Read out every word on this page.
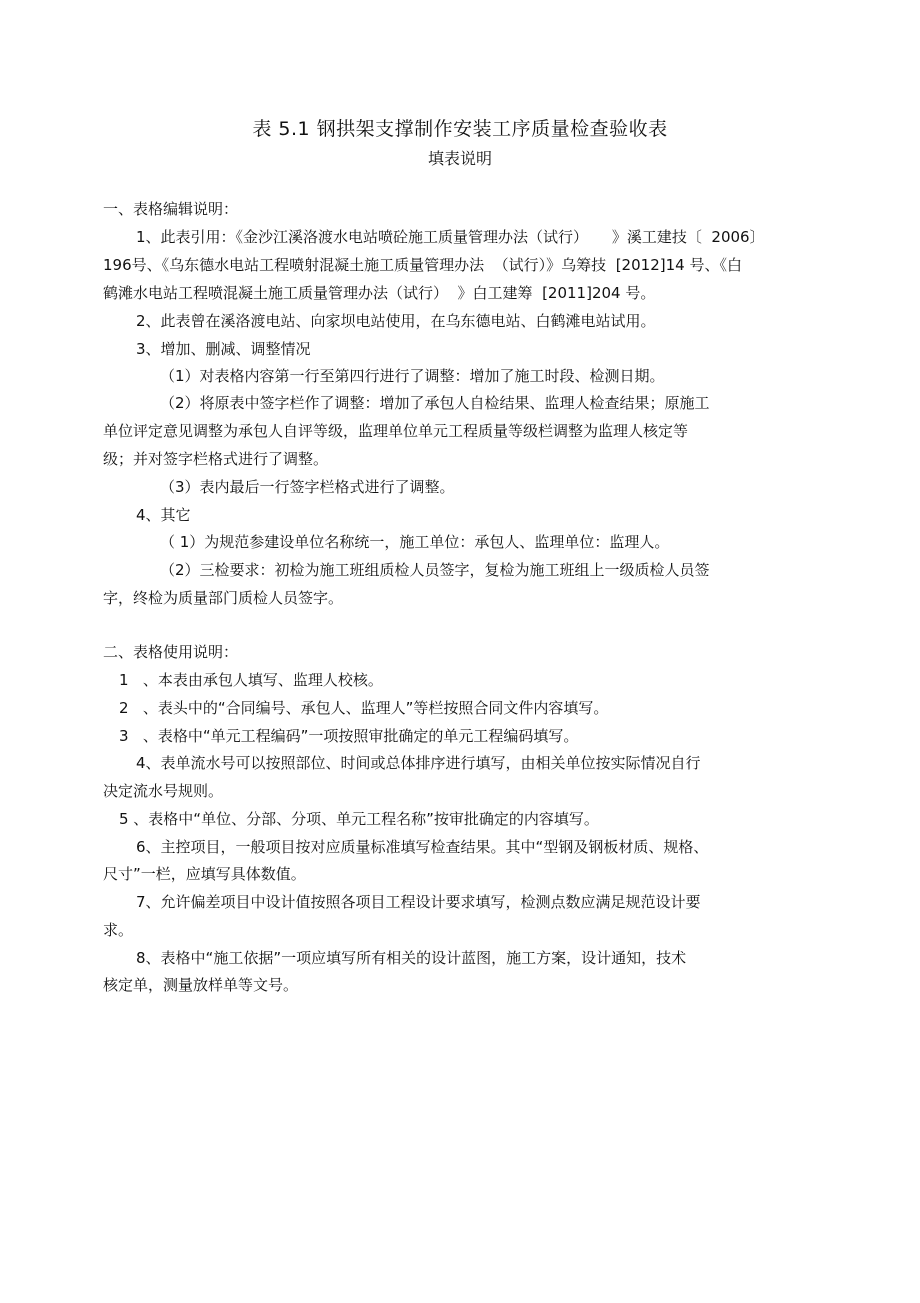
表 5.1 钢拱架支撑制作安装工序质量检查验收表
填表说明
一、表格编辑说明：
1、此表引用：《金沙江溪洛渡水电站喷砼施工质量管理办法（试行）     》溪工建技〔  2006〕
196号、《乌东德水电站工程喷射混凝土施工质量管理办法  （试行）》乌筹技  [2012]14 号、《白
鹤滩水电站工程喷混凝土施工质量管理办法（试行）  》白工建筹  [2011]204 号。
2、此表曾在溪洛渡电站、向家坝电站使用，在乌东德电站、白鹤滩电站试用。
3、增加、删减、调整情况
（1）对表格内容第一行至第四行进行了调整：增加了施工时段、检测日期。
（2）将原表中签字栏作了调整：增加了承包人自检结果、监理人检查结果；原施工
单位评定意见调整为承包人自评等级，监理单位单元工程质量等级栏调整为监理人核定等
级；并对签字栏格式进行了调整。
（3）表内最后一行签字栏格式进行了调整。
4、其它
（ 1）为规范参建设单位名称统一，施工单位：承包人、监理单位：监理人。
（2）三检要求：初检为施工班组质检人员签字，复检为施工班组上一级质检人员签
字，终检为质量部门质检人员签字。
二、表格使用说明：
1   、本表由承包人填写、监理人校核。
2   、表头中的“合同编号、承包人、监理人”等栏按照合同文件内容填写。
3   、表格中“单元工程编码”一项按照审批确定的单元工程编码填写。
4、表单流水号可以按照部位、时间或总体排序进行填写，由相关单位按实际情况自行
决定流水号规则。
5 、表格中“单位、分部、分项、单元工程名称”按审批确定的内容填写。
6、主控项目，一般项目按对应质量标准填写检查结果。其中“型钢及钢板材质、规格、
尺寸”一栏，应填写具体数值。
7、允许偏差项目中设计值按照各项目工程设计要求填写，检测点数应满足规范设计要
求。
8、表格中“施工依据”一项应填写所有相关的设计蓝图，施工方案，设计通知，技术
核定单，测量放样单等文号。
